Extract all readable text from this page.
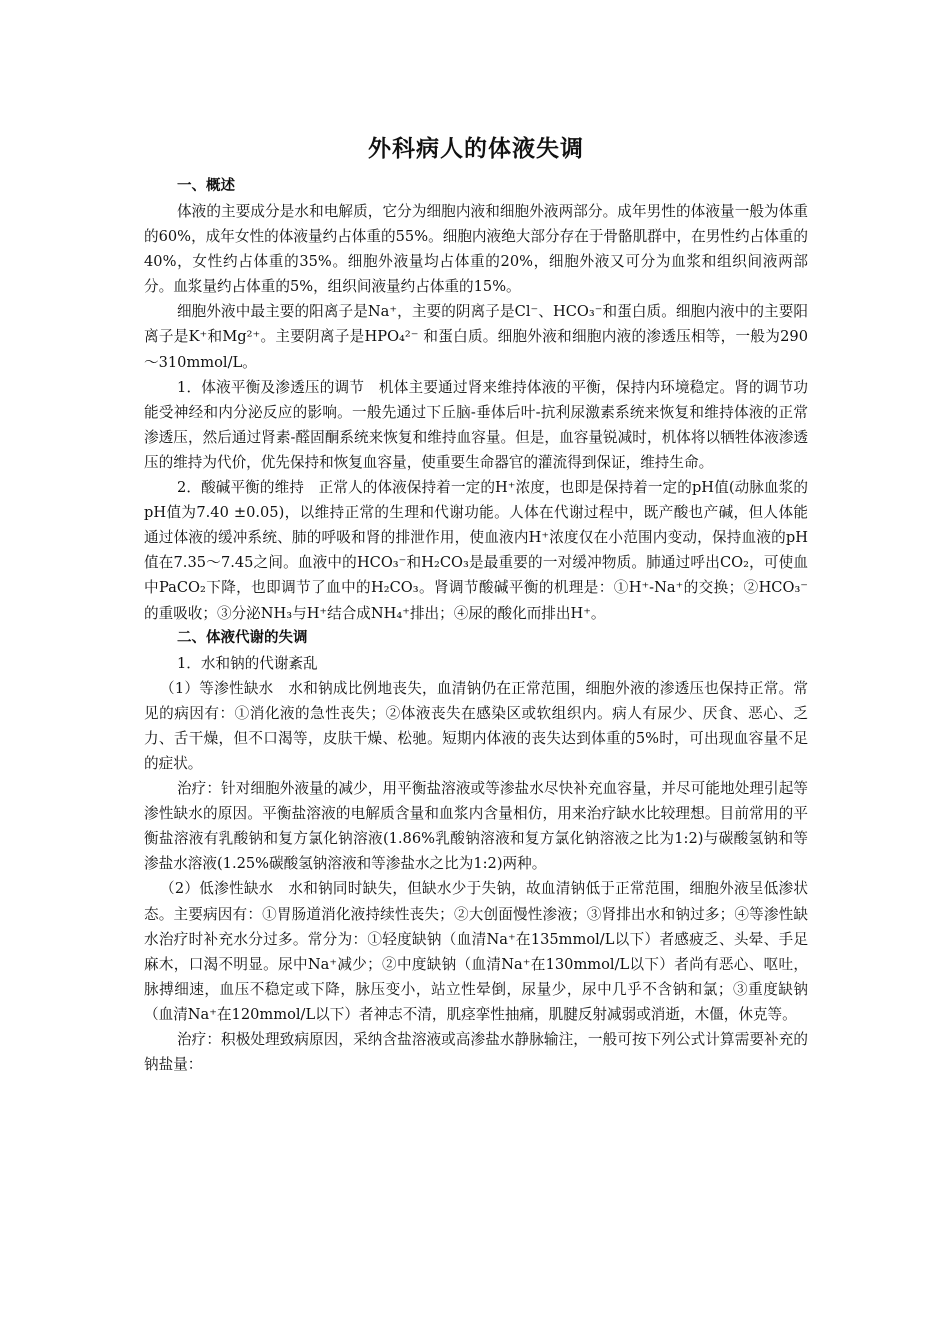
外科病人的体液失调
一、概述

体液的主要成分是水和电解质，它分为细胞内液和细胞外液两部分。成年男性的体液量一般为体重的60%，成年女性的体液量约占体重的55%。细胞内液绝大部分存在于骨骼肌群中，在男性约占体重的40%，女性约占体重的35%。细胞外液量均占体重的20%，细胞外液又可分为血浆和组织间液两部分。血浆量约占体重的5%，组织间液量约占体重的15%。

细胞外液中最主要的阳离子是Na⁺，主要的阴离子是Cl⁻、HCO₃⁻和蛋白质。细胞内液中的主要阳离子是K⁺和Mg²⁺。主要阴离子是HPO₄²⁻ 和蛋白质。细胞外液和细胞内液的渗透压相等，一般为290～310mmol/L。

1．体液平衡及渗透压的调节　机体主要通过肾来维持体液的平衡，保持内环境稳定。肾的调节功能受神经和内分泌反应的影响。一般先通过下丘脑-垂体后叶-抗利尿激素系统来恢复和维持体液的正常渗透压，然后通过肾素-醛固酮系统来恢复和维持血容量。但是，血容量锐减时，机体将以牺牲体液渗透压的维持为代价，优先保持和恢复血容量，使重要生命器官的灌流得到保证，维持生命。

2．酸碱平衡的维持　正常人的体液保持着一定的H⁺浓度，也即是保持着一定的pH值(动脉血浆的pH值为7.40 ±0.05)，以维持正常的生理和代谢功能。人体在代谢过程中，既产酸也产碱，但人体能通过体液的缓冲系统、肺的呼吸和肾的排泄作用，使血液内H⁺浓度仅在小范围内变动，保持血液的pH值在7.35～7.45之间。血液中的HCO₃⁻和H₂CO₃是最重要的一对缓冲物质。肺通过呼出CO₂，可使血中PaCO₂下降，也即调节了血中的H₂CO₃。肾调节酸碱平衡的机理是：①H⁺-Na⁺的交换；②HCO₃⁻的重吸收；③分泌NH₃与H⁺结合成NH₄⁺排出；④尿的酸化而排出H⁺。

二、体液代谢的失调

1．水和钠的代谢紊乱

（1）等渗性缺水　水和钠成比例地丧失，血清钠仍在正常范围，细胞外液的渗透压也保持正常。常见的病因有：①消化液的急性丧失；②体液丧失在感染区或软组织内。病人有尿少、厌食、恶心、乏力、舌干燥，但不口渴等，皮肤干燥、松驰。短期内体液的丧失达到体重的5%时，可出现血容量不足的症状。

治疗：针对细胞外液量的减少，用平衡盐溶液或等渗盐水尽快补充血容量，并尽可能地处理引起等渗性缺水的原因。平衡盐溶液的电解质含量和血浆内含量相仿，用来治疗缺水比较理想。目前常用的平衡盐溶液有乳酸钠和复方氯化钠溶液(1.86%乳酸钠溶液和复方氯化钠溶液之比为1:2)与碳酸氢钠和等渗盐水溶液(1.25%碳酸氢钠溶液和等渗盐水之比为1:2)两种。

（2）低渗性缺水　水和钠同时缺失，但缺水少于失钠，故血清钠低于正常范围，细胞外液呈低渗状态。主要病因有：①胃肠道消化液持续性丧失；②大创面慢性渗液；③肾排出水和钠过多；④等渗性缺水治疗时补充水分过多。常分为：①轻度缺钠（血清Na⁺在135mmol/L以下）者感疲乏、头晕、手足麻木，口渴不明显。尿中Na⁺减少；②中度缺钠（血清Na⁺在130mmol/L以下）者尚有恶心、呕吐，脉搏细速，血压不稳定或下降，脉压变小，站立性晕倒，尿量少，尿中几乎不含钠和氯；③重度缺钠（血清Na⁺在120mmol/L以下）者神志不清，肌痉挛性抽痛，肌腱反射减弱或消逝，木僵，休克等。

治疗：积极处理致病原因，采纳含盐溶液或高渗盐水静脉输注，一般可按下列公式计算需要补充的钠盐量：
